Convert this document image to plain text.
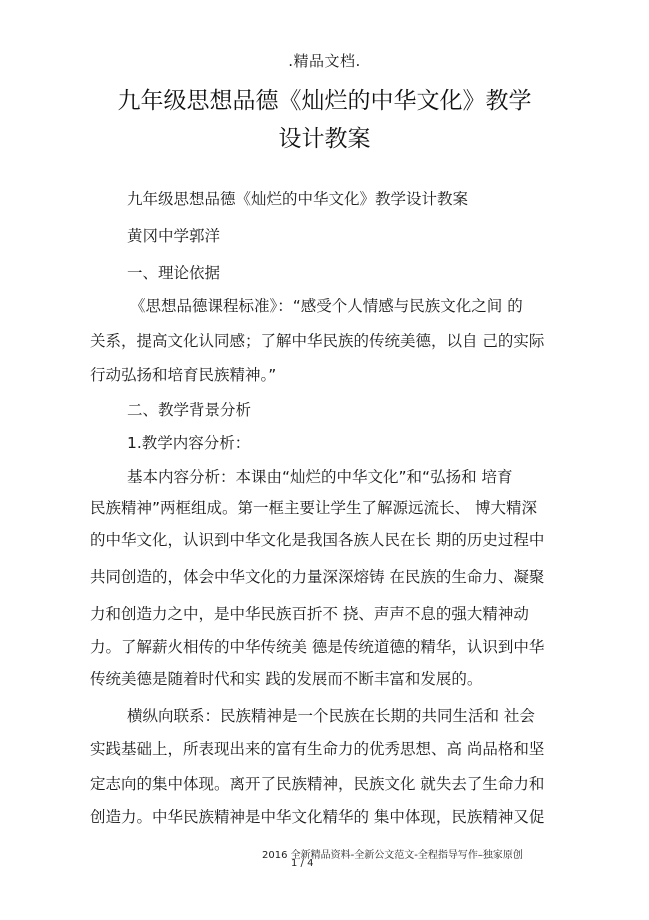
.精品文档.
九年级思想品德《灿烂的中华文化》教学
设计教案
九年级思想品德《灿烂的中华文化》教学设计教案
黄冈中学郭洋
一、理论依据
《思想品德课程标准》：“感受个人情感与民族文化之间 的
关系，提高文化认同感；了解中华民族的传统美德，以自 己的实际
行动弘扬和培育民族精神。”
二、教学背景分析
1.教学内容分析：
基本内容分析：本课由“灿烂的中华文化”和“弘扬和 培育
民族精神”两框组成。第一框主要让学生了解源远流长、 博大精深
的中华文化，认识到中华文化是我国各族人民在长 期的历史过程中
共同创造的，体会中华文化的力量深深熔铸 在民族的生命力、凝聚
力和创造力之中，是中华民族百折不 挠、声声不息的强大精神动
力。了解薪火相传的中华传统美 德是传统道德的精华，认识到中华
传统美德是随着时代和实 践的发展而不断丰富和发展的。
横纵向联系：民族精神是一个民族在长期的共同生活和 社会
实践基础上，所表现出来的富有生命力的优秀思想、高 尚品格和坚
定志向的集中体现。离开了民族精神，民族文化 就失去了生命力和
创造力。中华民族精神是中华文化精华的 集中体现，民族精神又促
2016 全新精品资料-全新公文范文-全程指导写作–独家原创
1 / 4
